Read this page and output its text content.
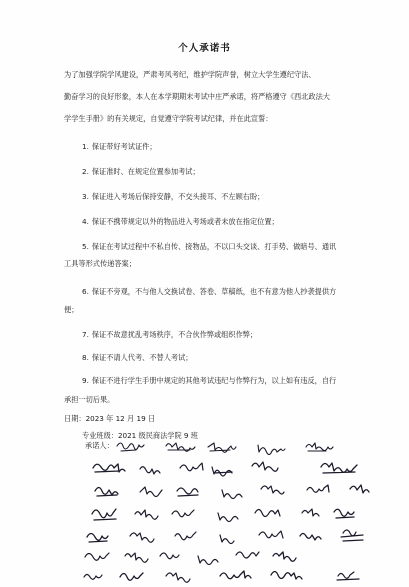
个人承诺书
为了加强学院学风建设，严肃考风考纪，维护学院声誉，树立大学生遵纪守法、
勤奋学习的良好形象，本人在本学期期末考试中庄严承诺，将严格遵守《西北政法大
学学生手册》的有关规定，自觉遵守学院考试纪律，并在此宣誓：
1. 保证带好考试证件；
2. 保证准时、在规定位置参加考试；
3. 保证进入考场后保持安静，不交头接耳、不左顾右盼；
4. 保证不携带规定以外的物品进入考场或者未放在指定位置；
5. 保证在考试过程中不私自传、接物品，不以口头交谈、打手势、做暗号、通讯
工具等形式传递答案；
6. 保证不旁观，不与他人交换试卷、答卷、草稿纸，也不有意为他人抄袭提供方
便；
7. 保证不故意扰乱考场秩序，不合伙作弊或组织作弊；
8. 保证不请人代考、不替人考试；
9. 保证不进行学生手册中规定的其他考试违纪与作弊行为，以上如有违反，自行
承担一切后果。
日期：2023 年 12 月 19 日
专业班级：2021 级民商法学院 9 班
承诺人：
